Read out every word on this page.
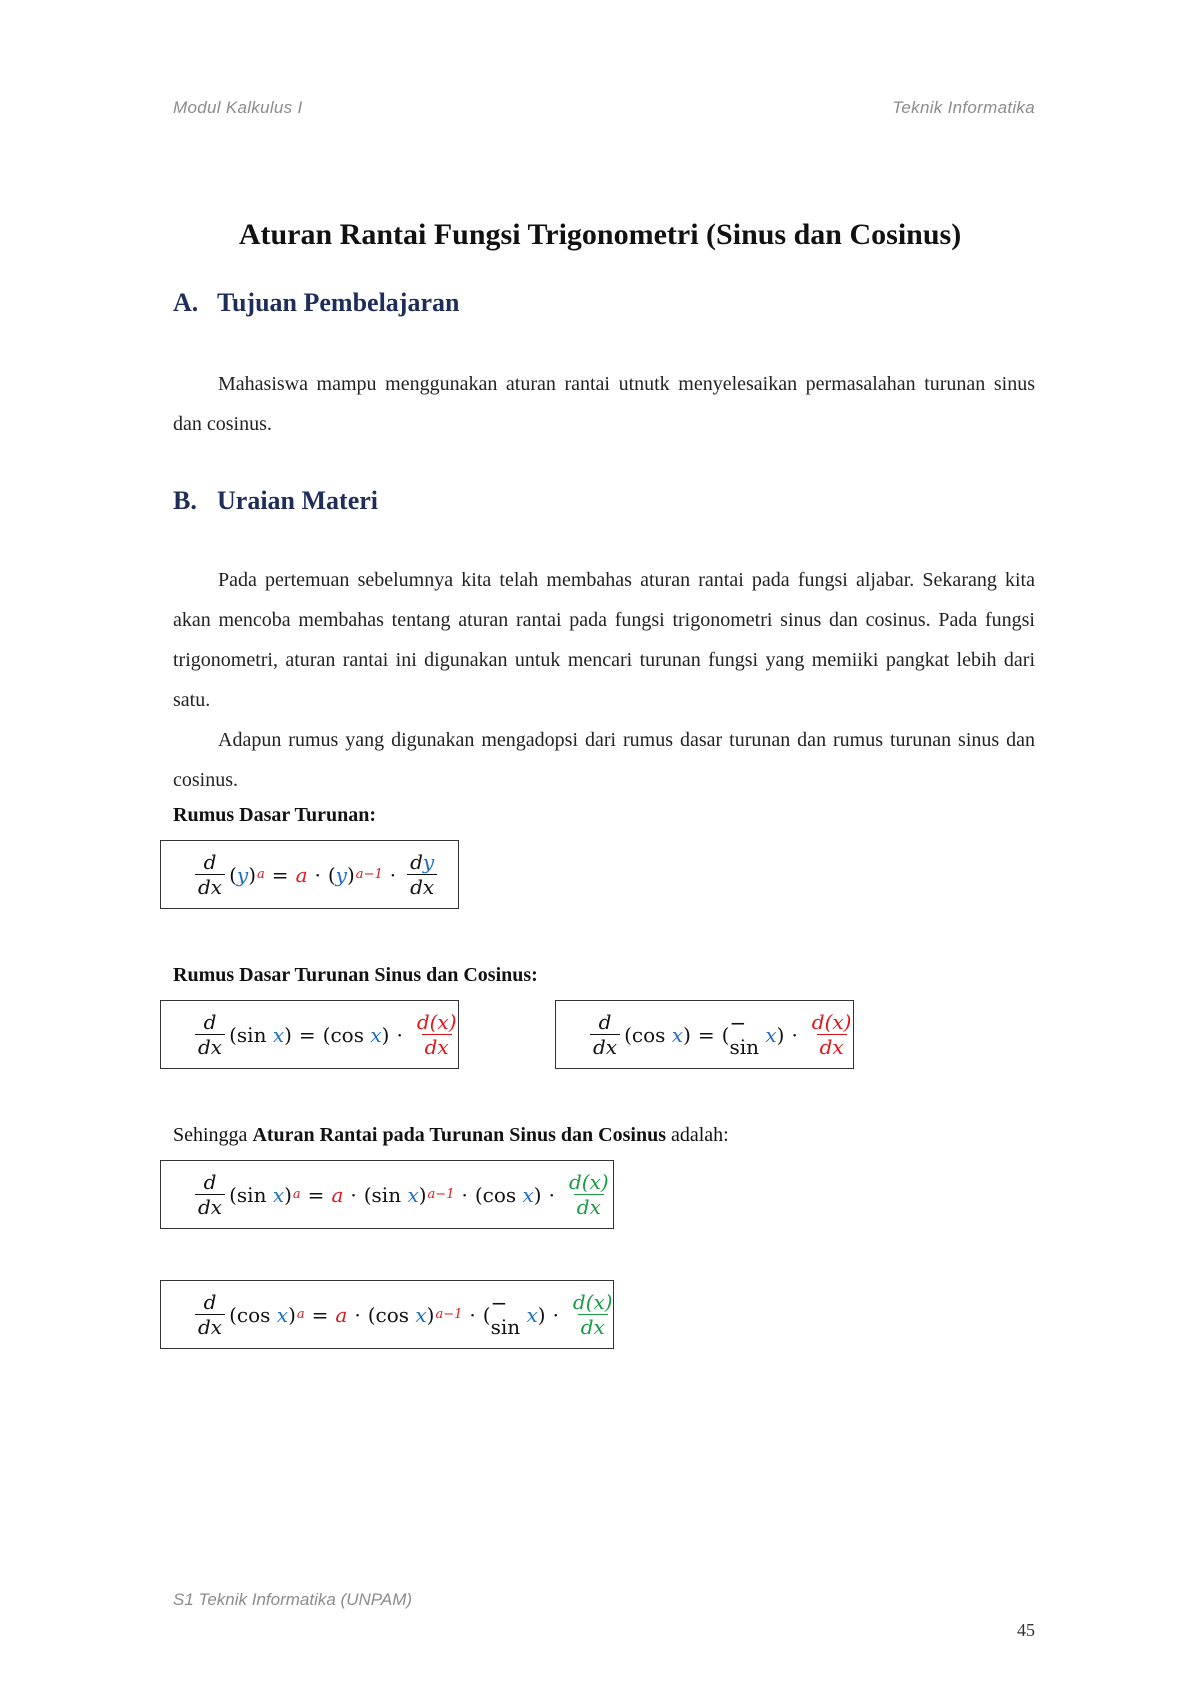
Modul Kalkulus I	Teknik Informatika
Aturan Rantai Fungsi Trigonometri (Sinus dan Cosinus)
A. Tujuan Pembelajaran

Mahasiswa mampu menggunakan aturan rantai utnutk menyelesaikan permasalahan turunan sinus dan cosinus.

B. Uraian Materi

Pada pertemuan sebelumnya kita telah membahas aturan rantai pada fungsi aljabar. Sekarang kita akan mencoba membahas tentang aturan rantai pada fungsi trigonometri sinus dan cosinus. Pada fungsi trigonometri, aturan rantai ini digunakan untuk mencari turunan fungsi yang memiiki pangkat lebih dari satu.

Adapun rumus yang digunakan mengadopsi dari rumus dasar turunan dan rumus turunan sinus dan cosinus.

Rumus Dasar Turunan:
$\frac{d}{dx}$ ( y ) a = a · ( y ) $a-1 \cdot \frac{dy}{dx}$
Rumus Dasar Turunan Sinus dan Cosinus:
$\frac{d}{dx}$ ( sin
x ) = ( cos
x ) · $\frac{d(x)}{dx}$	$\frac{d}{dx}$ ( cos
x ) = ( − sin
x ) · $\frac{d(x)}{dx}$
Sehingga Aturan Rantai pada Turunan Sinus dan Cosinus adalah:
$\frac{d}{dx}$ ( sin
x ) a = a · ( sin
x ) a−1 · ( cos
x ) · $\frac{d(x)}{dx}$
$\frac{d}{dx}$ ( cos
x ) a = a · ( cos
x ) a−1 · ( − sin
x ) · $\frac{d(x)}{dx}$
S1 Teknik Informatika (UNPAM)
45
